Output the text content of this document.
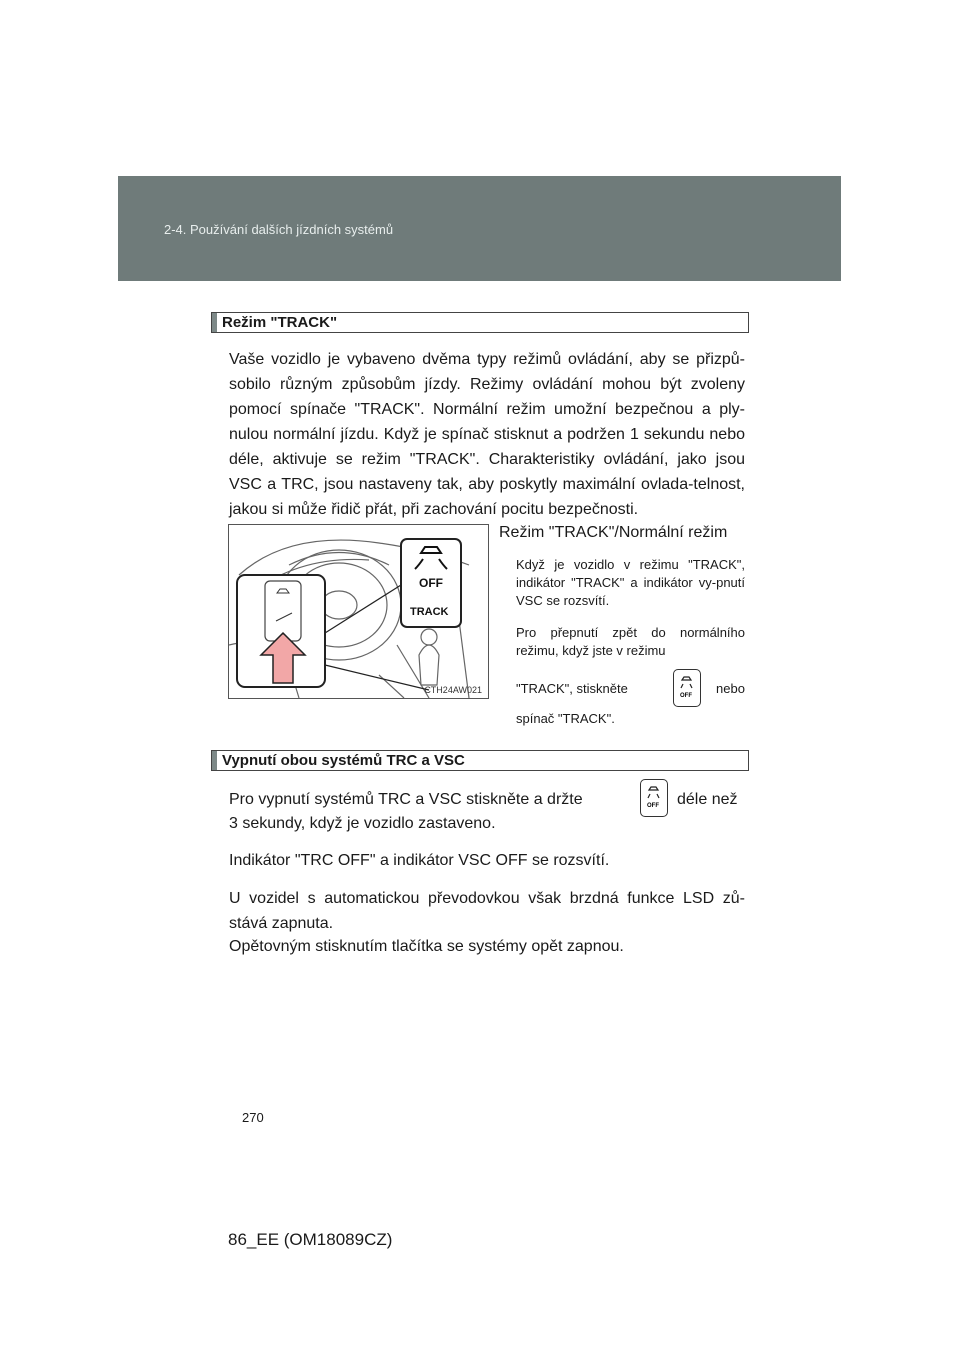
2-4. Používání dalších jízdních systémů
Režim "TRACK"

Vaše vozidlo je vybaveno dvěma typy režimů ovládání, aby se přizpů-sobilo různým způsobům jízdy. Režimy ovládání mohou být zvoleny pomocí spínače "TRACK". Normální režim umožní bezpečnou a ply-nulou normální jízdu. Když je spínač stisknut a podržen 1 sekundu nebo déle, aktivuje se režim "TRACK". Charakteristiky ovládání, jako jsou VSC a TRC, jsou nastaveny tak, aby poskytly maximální ovlada-telnost, jakou si může řidič přát, při zachování pocitu bezpečnosti.

OFF
TRACK
CTH24AW021

Režim "TRACK"/Normální režim

Když je vozidlo v režimu "TRACK", indikátor "TRACK" a indikátor vy-pnutí VSC se rozsvítí.

Pro přepnutí zpět do normálního režimu, když jste v režimu

"TRACK", stiskněte	OFF nebo
spínač "TRACK".
Vypnutí obou systémů TRC a VSC
Pro vypnutí systémů TRC a VSC stiskněte a držte	OFF déle než
3 sekundy, když je vozidlo zastaveno.

Indikátor "TRC OFF" a indikátor VSC OFF se rozsvítí.

U vozidel s automatickou převodovkou však brzdná funkce LSD zů-stává zapnuta.

Opětovným stisknutím tlačítka se systémy opět zapnou.

270
86_EE (OM18089CZ)
